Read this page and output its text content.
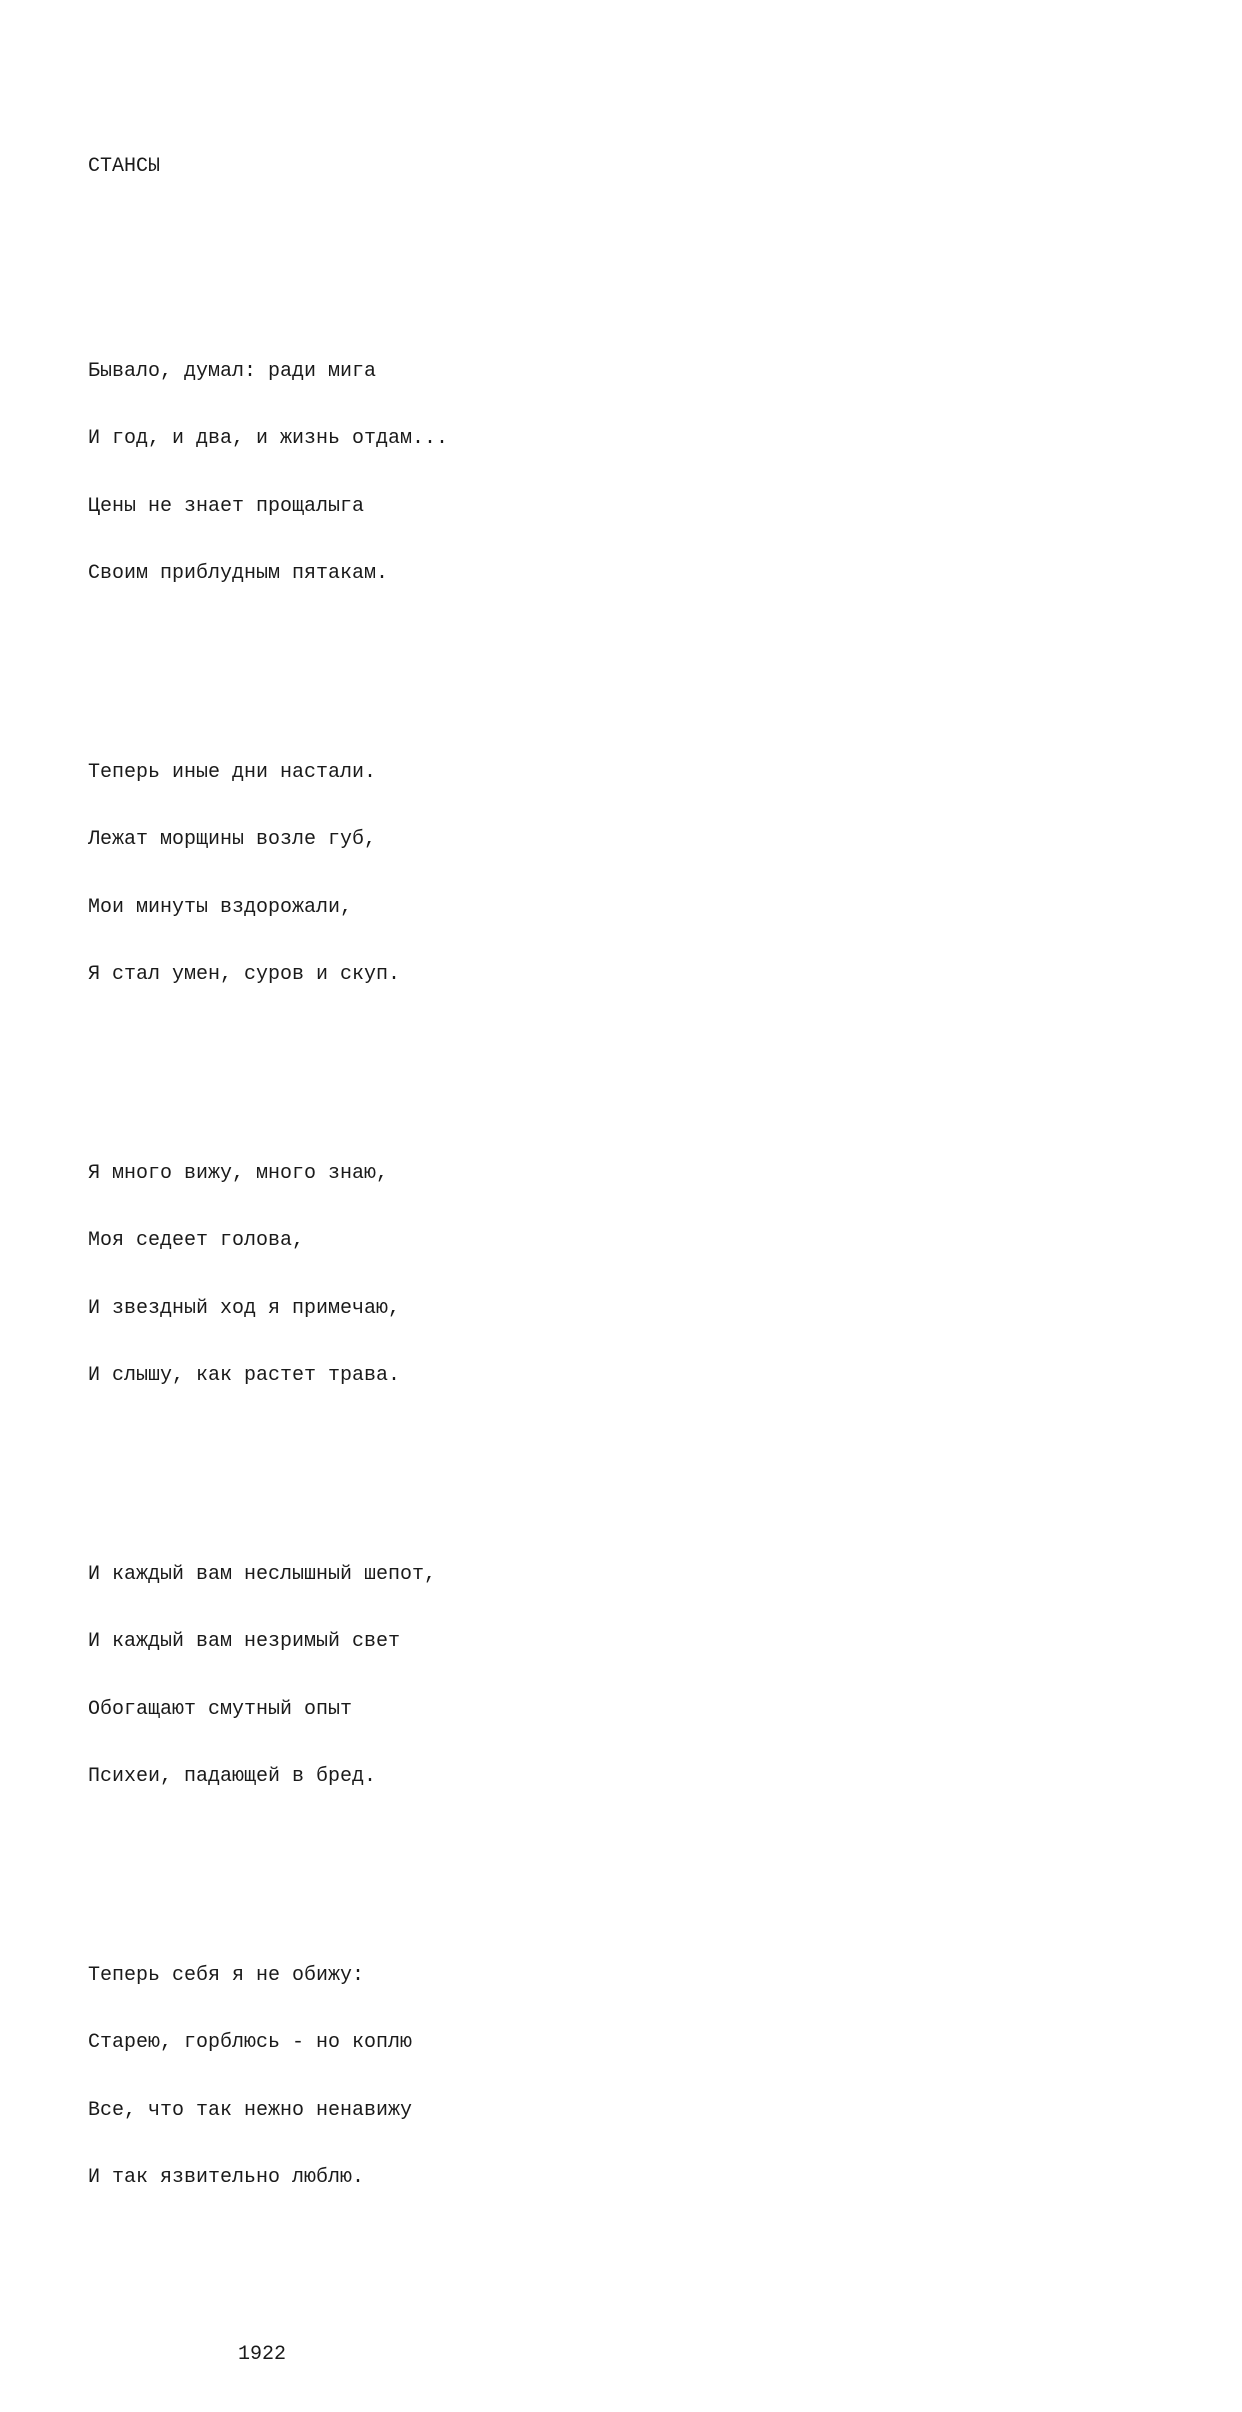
СТАНСЫ

Бывало, думал: ради мига

И год, и два, и жизнь отдам...

Цены не знает прощалыга

Своим приблудным пятакам.

Теперь иные дни настали.

Лежат морщины возле губ,

Мои минуты вздорожали,

Я стал умен, суров и скуп.

Я много вижу, много знаю,

Моя седеет голова,

И звездный ход я примечаю,

И слышу, как растет трава.

И каждый вам неслышный шепот,

И каждый вам незримый свет

Обогащают смутный опыт

Психеи, падающей в бред.

Теперь себя я не обижу:

Старею, горблюсь - но коплю

Все, что так нежно ненавижу

И так язвительно люблю.

1922
